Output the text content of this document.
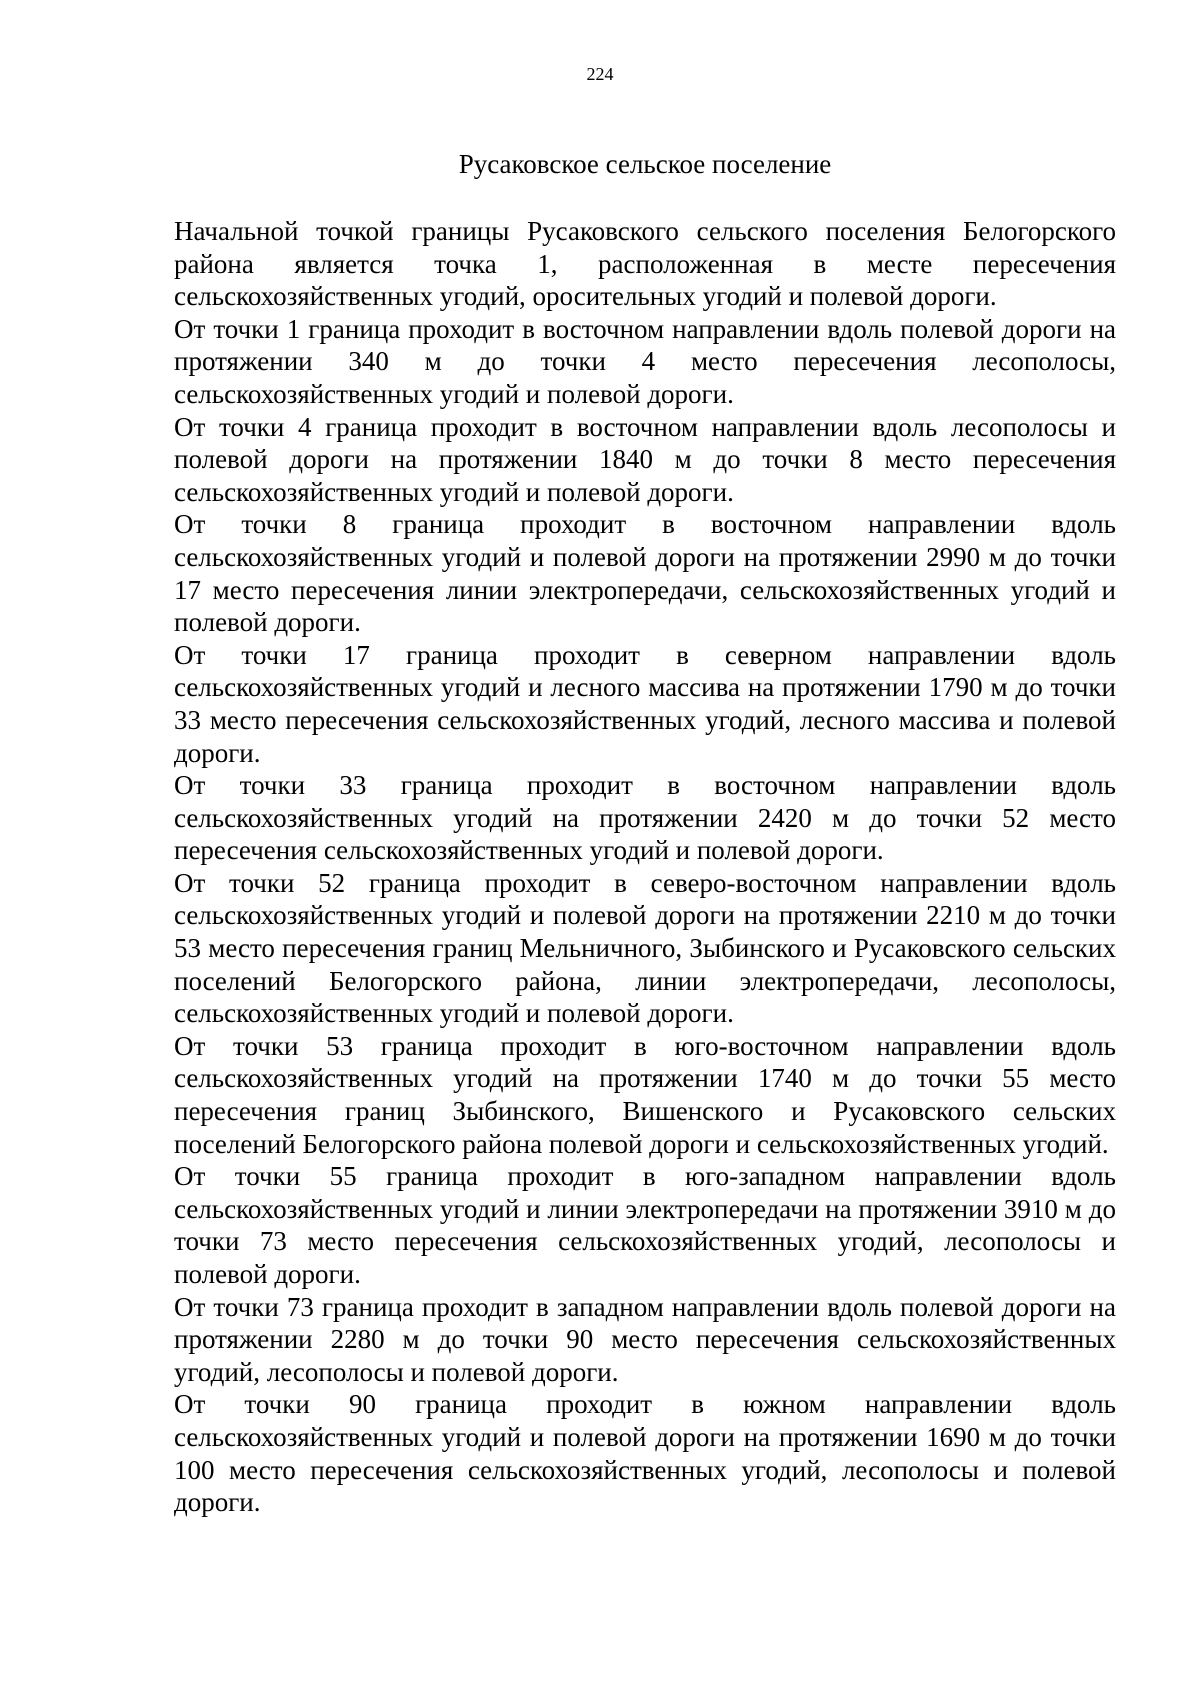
224
Русаковское сельское поселение

Начальной точкой границы Русаковского сельского поселения Белогорского района является точка 1, расположенная в месте пересечения сельскохозяйственных угодий, оросительных угодий и полевой дороги.

От точки 1 граница проходит в восточном направлении вдоль полевой дороги на протяжении 340 м до точки 4 место пересечения лесополосы, сельскохозяйственных угодий и полевой дороги.

От точки 4 граница проходит в восточном направлении вдоль лесополосы и полевой дороги на протяжении 1840 м до точки 8 место пересечения сельскохозяйственных угодий и полевой дороги.

От точки 8 граница проходит в восточном направлении вдоль сельскохозяйственных угодий и полевой дороги на протяжении 2990 м до точки 17 место пересечения линии электропередачи, сельскохозяйственных угодий и полевой дороги.

От точки 17 граница проходит в северном направлении вдоль сельскохозяйственных угодий и лесного массива на протяжении 1790 м до точки 33 место пересечения сельскохозяйственных угодий, лесного массива и полевой дороги.

От точки 33 граница проходит в восточном направлении вдоль сельскохозяйственных угодий на протяжении 2420 м до точки 52 место пересечения сельскохозяйственных угодий и полевой дороги.

От точки 52 граница проходит в северо-восточном направлении вдоль сельскохозяйственных угодий и полевой дороги на протяжении 2210 м до точки 53 место пересечения границ Мельничного, Зыбинского и Русаковского сельских поселений Белогорского района, линии электропередачи, лесополосы, сельскохозяйственных угодий и полевой дороги.

От точки 53 граница проходит в юго-восточном направлении вдоль сельскохозяйственных угодий на протяжении 1740 м до точки 55 место пересечения границ Зыбинского, Вишенского и Русаковского сельских поселений Белогорского района полевой дороги и сельскохозяйственных угодий.

От точки 55 граница проходит в юго-западном направлении вдоль сельскохозяйственных угодий и линии электропередачи на протяжении 3910 м до точки 73 место пересечения сельскохозяйственных угодий, лесополосы и полевой дороги.

От точки 73 граница проходит в западном направлении вдоль полевой дороги на протяжении 2280 м до точки 90 место пересечения сельскохозяйственных угодий, лесополосы и полевой дороги.

От точки 90 граница проходит в южном направлении вдоль сельскохозяйственных угодий и полевой дороги на протяжении 1690 м до точки 100 место пересечения сельскохозяйственных угодий, лесополосы и полевой дороги.
